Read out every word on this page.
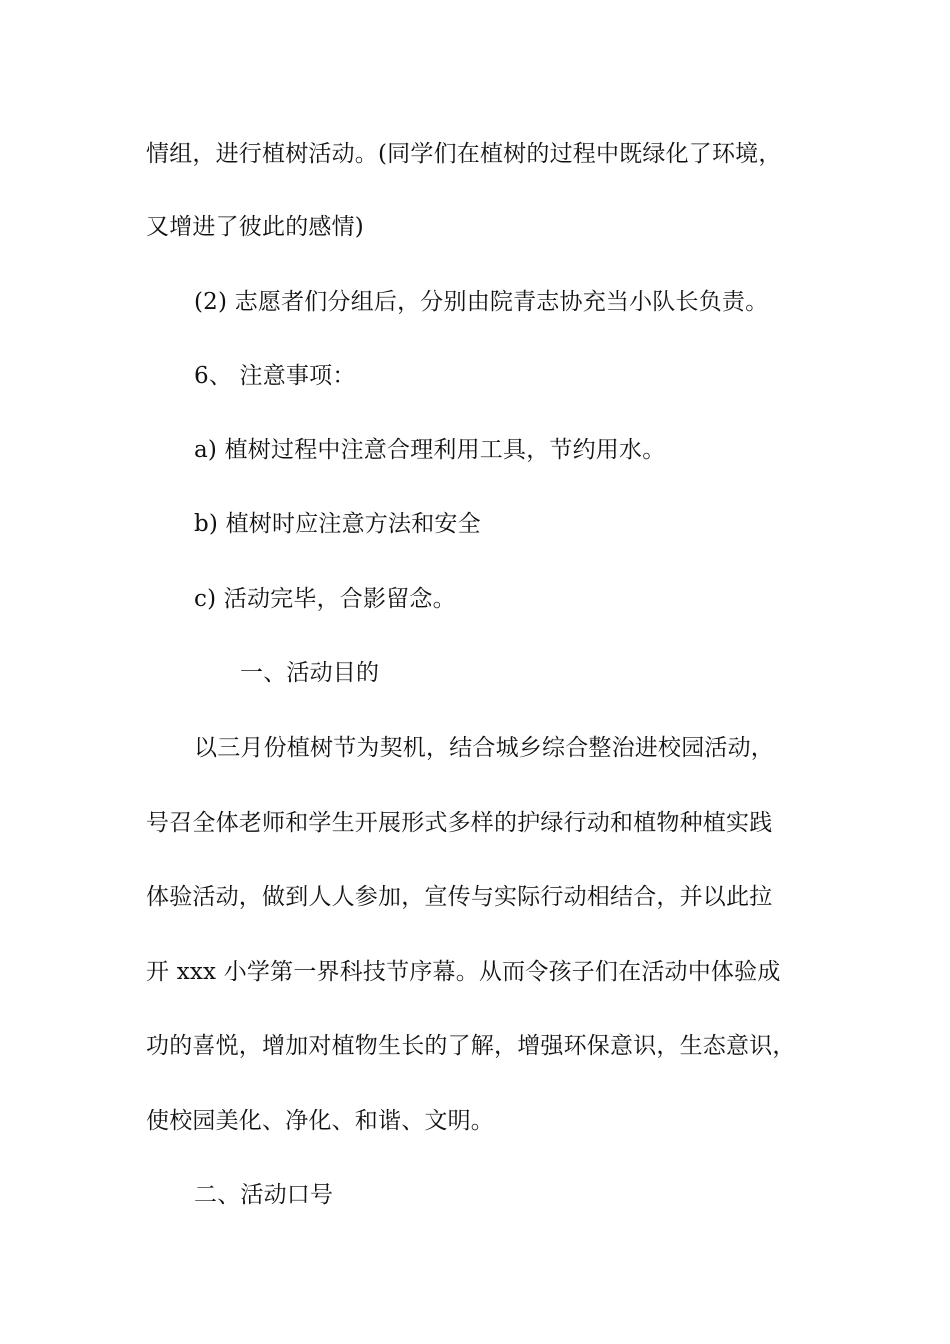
情组，进行植树活动。(同学们在植树的过程中既绿化了环境，
又增进了彼此的感情)
(2) 志愿者们分组后，分别由院青志协充当小队长负责。
6、 注意事项：
a) 植树过程中注意合理利用工具，节约用水。
b) 植树时应注意方法和安全
c) 活动完毕，合影留念。
一、活动目的
以三月份植树节为契机，结合城乡综合整治进校园活动，
号召全体老师和学生开展形式多样的护绿行动和植物种植实践
体验活动，做到人人参加，宣传与实际行动相结合，并以此拉
开 xxx 小学第一界科技节序幕。从而令孩子们在活动中体验成
功的喜悦，增加对植物生长的了解，增强环保意识，生态意识，
使校园美化、净化、和谐、文明。
二、活动口号
